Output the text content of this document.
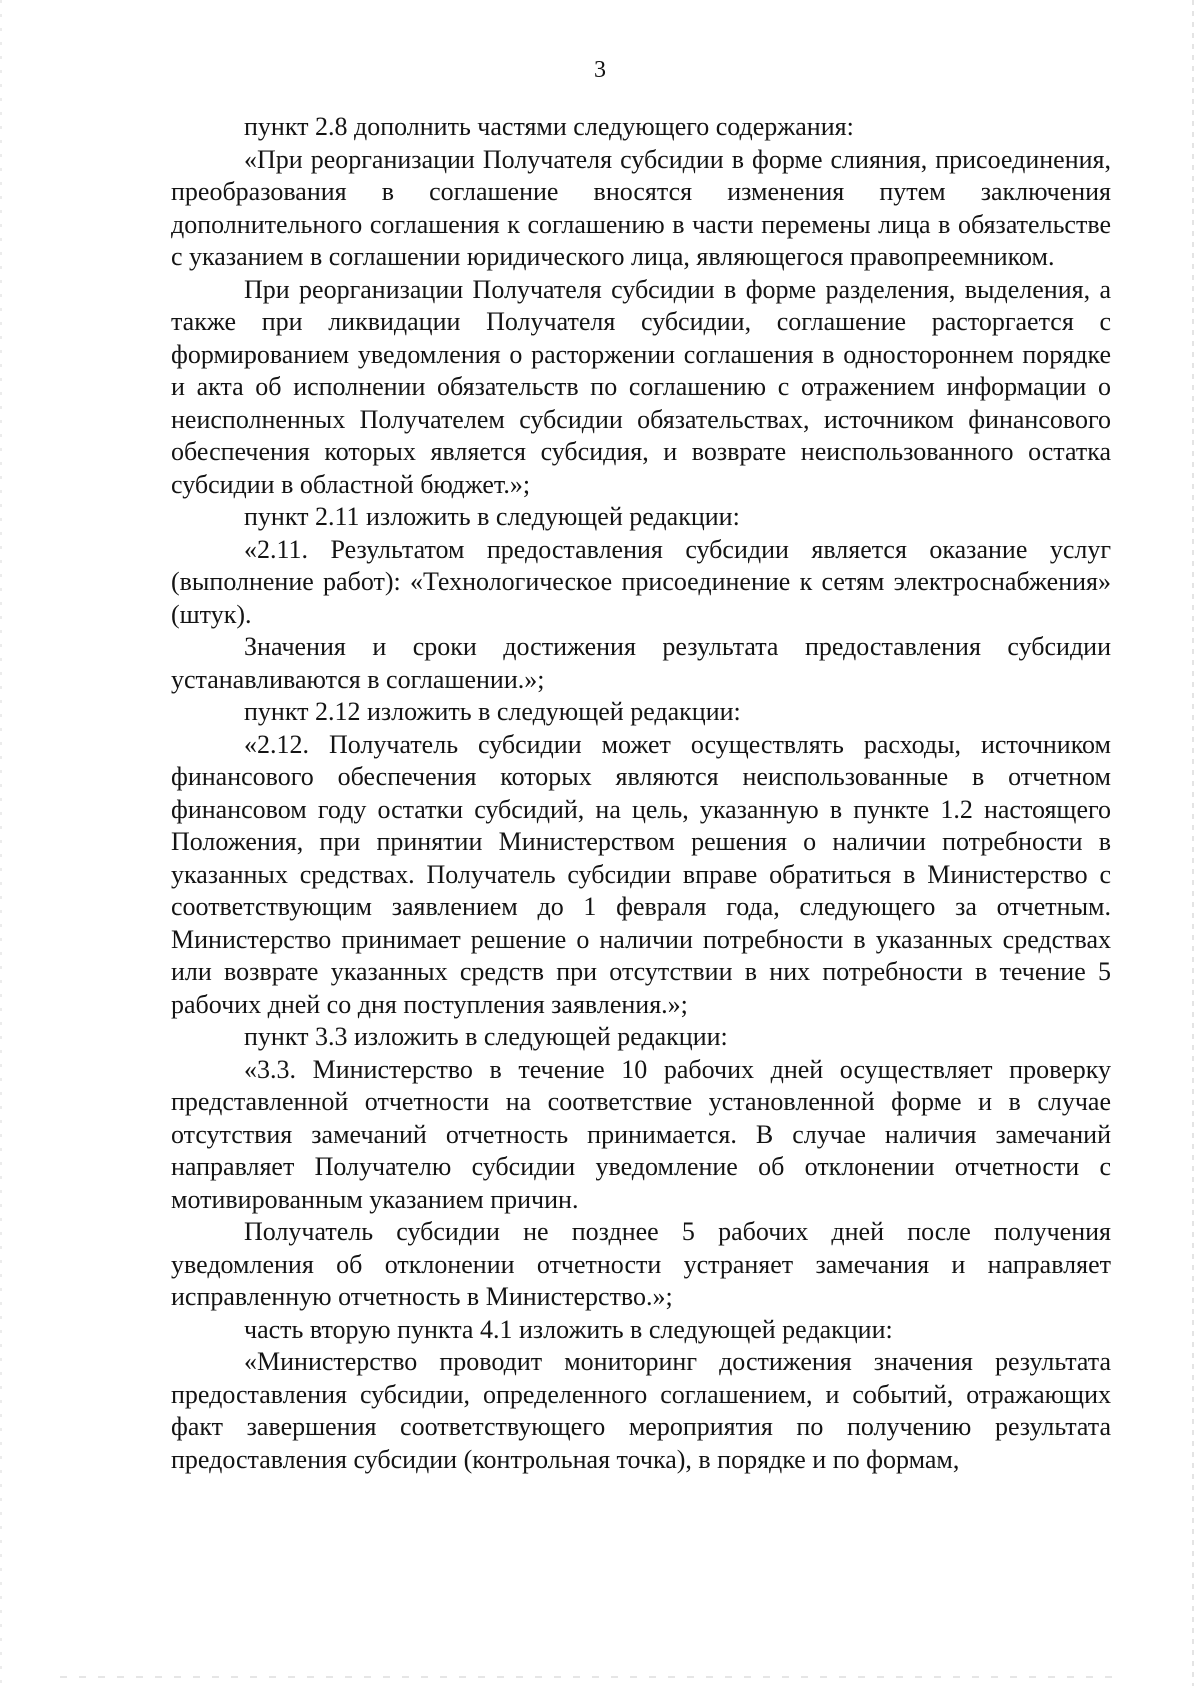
3

пункт 2.8 дополнить частями следующего содержания:

«При реорганизации Получателя субсидии в форме слияния, присоединения, преобразования в соглашение вносятся изменения путем заключения дополнительного соглашения к соглашению в части перемены лица в обязательстве с указанием в соглашении юридического лица, являющегося правопреемником.

При реорганизации Получателя субсидии в форме разделения, выделения, а также при ликвидации Получателя субсидии, соглашение расторгается с формированием уведомления о расторжении соглашения в одностороннем порядке и акта об исполнении обязательств по соглашению с отражением информации о неисполненных Получателем субсидии обязательствах, источником финансового обеспечения которых является субсидия, и возврате неиспользованного остатка субсидии в областной бюджет.»;

пункт 2.11 изложить в следующей редакции:

«2.11. Результатом предоставления субсидии является оказание услуг (выполнение работ): «Технологическое присоединение к сетям электроснабжения» (штук).

Значения и сроки достижения результата предоставления субсидии устанавливаются в соглашении.»;

пункт 2.12 изложить в следующей редакции:

«2.12. Получатель субсидии может осуществлять расходы, источником финансового обеспечения которых являются неиспользованные в отчетном финансовом году остатки субсидий, на цель, указанную в пункте 1.2 настоящего Положения, при принятии Министерством решения о наличии потребности в указанных средствах. Получатель субсидии вправе обратиться в Министерство с соответствующим заявлением до 1 февраля года, следующего за отчетным. Министерство принимает решение о наличии потребности в указанных средствах или возврате указанных средств при отсутствии в них потребности в течение 5 рабочих дней со дня поступления заявления.»;

пункт 3.3 изложить в следующей редакции:

«3.3. Министерство в течение 10 рабочих дней осуществляет проверку представленной отчетности на соответствие установленной форме и в случае отсутствия замечаний отчетность принимается. В случае наличия замечаний направляет Получателю субсидии уведомление об отклонении отчетности с мотивированным указанием причин.

Получатель субсидии не позднее 5 рабочих дней после получения уведомления об отклонении отчетности устраняет замечания и направляет исправленную отчетность в Министерство.»;

часть вторую пункта 4.1 изложить в следующей редакции:

«Министерство проводит мониторинг достижения значения результата предоставления субсидии, определенного соглашением, и событий, отражающих факт завершения соответствующего мероприятия по получению результата предоставления субсидии (контрольная точка), в порядке и по формам,
